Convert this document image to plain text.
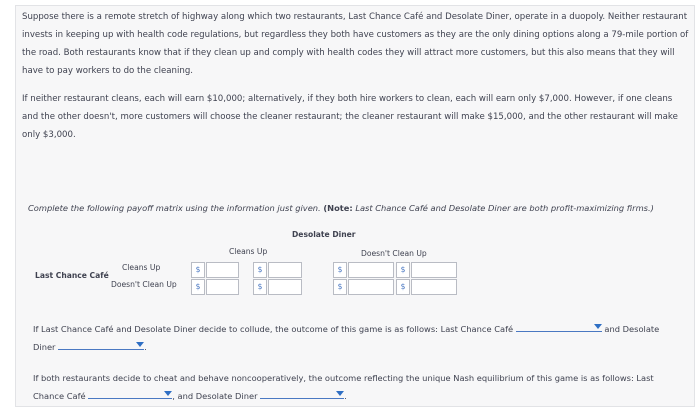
Suppose there is a remote stretch of highway along which two restaurants, Last Chance Café and Desolate Diner, operate in a duopoly. Neither restaurant invests in keeping up with health code regulations, but regardless they both have customers as they are the only dining options along a 79-mile portion of the road. Both restaurants know that if they clean up and comply with health codes they will attract more customers, but this also means that they will have to pay workers to do the cleaning.
If neither restaurant cleans, each will earn $10,000; alternatively, if they both hire workers to clean, each will earn only $7,000. However, if one cleans and the other doesn't, more customers will choose the cleaner restaurant; the cleaner restaurant will make $15,000, and the other restaurant will make only $3,000.
Complete the following payoff matrix using the information just given. (Note: Last Chance Café and Desolate Diner are both profit-maximizing firms.)
Desolate Diner
Cleans Up	Doesn't Clean Up
Last Chance Café
Cleans Up
Doesn't Clean Up
$	$	$	$
$	$	$	$
If Last Chance Café and Desolate Diner decide to collude, the outcome of this game is as follows: Last Chance Café	and Desolate
Diner	.
If both restaurants decide to cheat and behave noncooperatively, the outcome reflecting the unique Nash equilibrium of this game is as follows: Last
Chance Café	, and Desolate Diner	.
